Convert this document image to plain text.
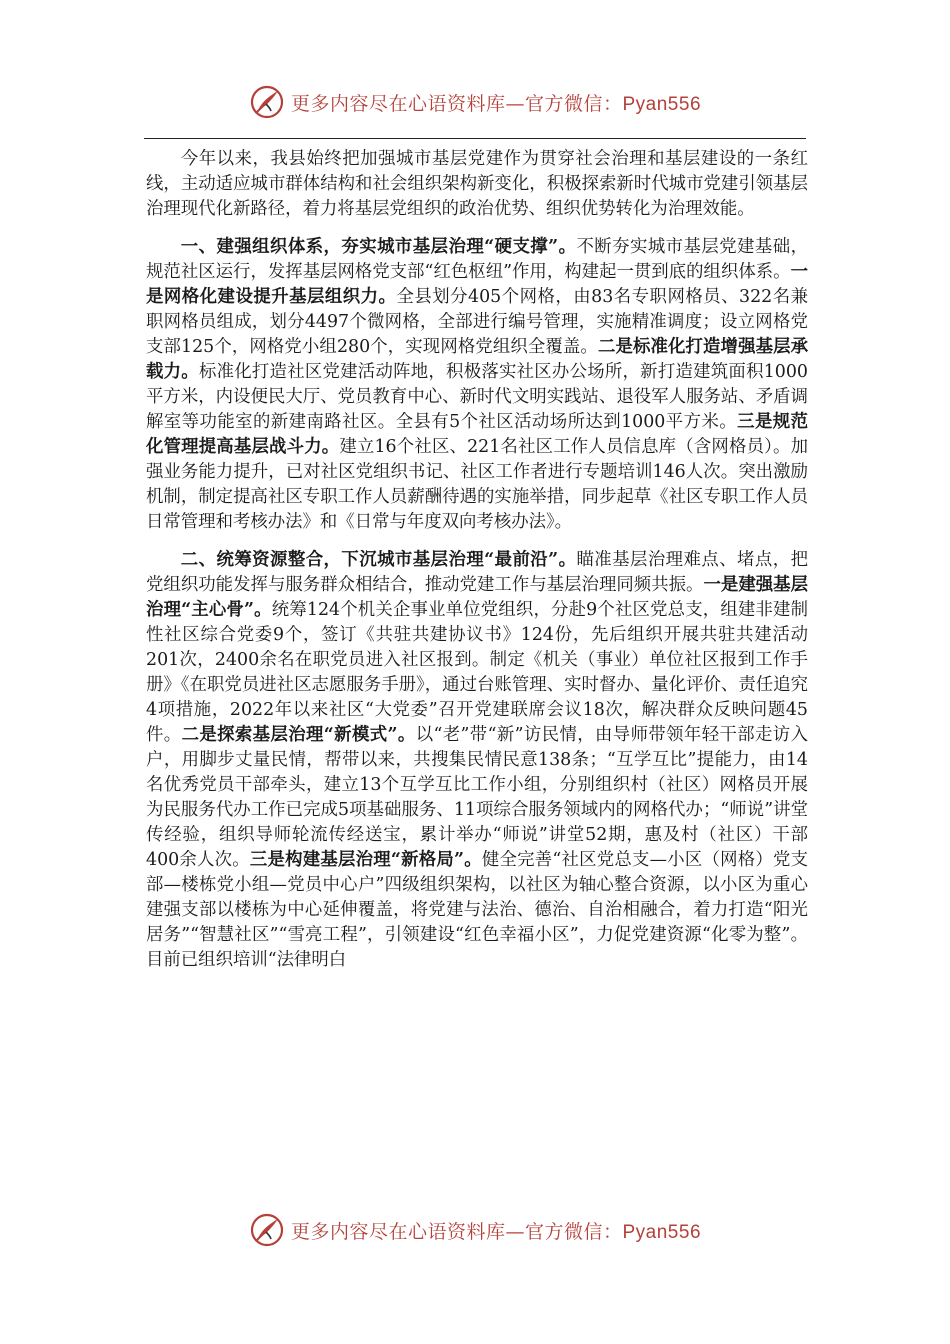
更多内容尽在心语资料库—官方微信：Pyan556

今年以来，我县始终把加强城市基层党建作为贯穿社会治理和基层建设的一条红线，主动适应城市群体结构和社会组织架构新变化，积极探索新时代城市党建引领基层治理现代化新路径，着力将基层党组织的政治优势、组织优势转化为治理效能。

一、建强组织体系，夯实城市基层治理“硬支撑”。不断夯实城市基层党建基础，规范社区运行，发挥基层网格党支部“红色枢纽”作用，构建起一贯到底的组织体系。一是网格化建设提升基层组织力。全县划分405个网格，由83名专职网格员、322名兼职网格员组成，划分4497个微网格，全部进行编号管理，实施精准调度；设立网格党支部125个，网格党小组280个，实现网格党组织全覆盖。二是标准化打造增强基层承载力。标准化打造社区党建活动阵地，积极落实社区办公场所，新打造建筑面积1000平方米，内设便民大厅、党员教育中心、新时代文明实践站、退役军人服务站、矛盾调解室等功能室的新建南路社区。全县有5个社区活动场所达到1000平方米。三是规范化管理提高基层战斗力。建立16个社区、221名社区工作人员信息库（含网格员）。加强业务能力提升，已对社区党组织书记、社区工作者进行专题培训146人次。突出激励机制，制定提高社区专职工作人员薪酬待遇的实施举措，同步起草《社区专职工作人员日常管理和考核办法》和《日常与年度双向考核办法》。

二、统筹资源整合，下沉城市基层治理“最前沿”。瞄准基层治理难点、堵点，把党组织功能发挥与服务群众相结合，推动党建工作与基层治理同频共振。一是建强基层治理“主心骨”。统筹124个机关企事业单位党组织，分赴9个社区党总支，组建非建制性社区综合党委9个，签订《共驻共建协议书》124份，先后组织开展共驻共建活动201次，2400余名在职党员进入社区报到。制定《机关（事业）单位社区报到工作手册》《在职党员进社区志愿服务手册》，通过台账管理、实时督办、量化评价、责任追究4项措施，2022年以来社区“大党委”召开党建联席会议18次，解决群众反映问题45件。二是探索基层治理“新模式”。以“老”带“新”访民情，由导师带领年轻干部走访入户，用脚步丈量民情，帮带以来，共搜集民情民意138条；“互学互比”提能力，由14名优秀党员干部牵头，建立13个互学互比工作小组，分别组织村（社区）网格员开展为民服务代办工作已完成5项基础服务、11项综合服务领域内的网格代办；“师说”讲堂传经验，组织导师轮流传经送宝，累计举办“师说”讲堂52期，惠及村（社区）干部400余人次。三是构建基层治理“新格局”。健全完善“社区党总支—小区（网格）党支部—楼栋党小组—党员中心户”四级组织架构，以社区为轴心整合资源，以小区为重心建强支部以楼栋为中心延伸覆盖，将党建与法治、德治、自治相融合，着力打造“阳光居务”“智慧社区”“雪亮工程”，引领建设“红色幸福小区”，力促党建资源“化零为整”。目前已组织培训“法律明白

更多内容尽在心语资料库—官方微信：Pyan556
